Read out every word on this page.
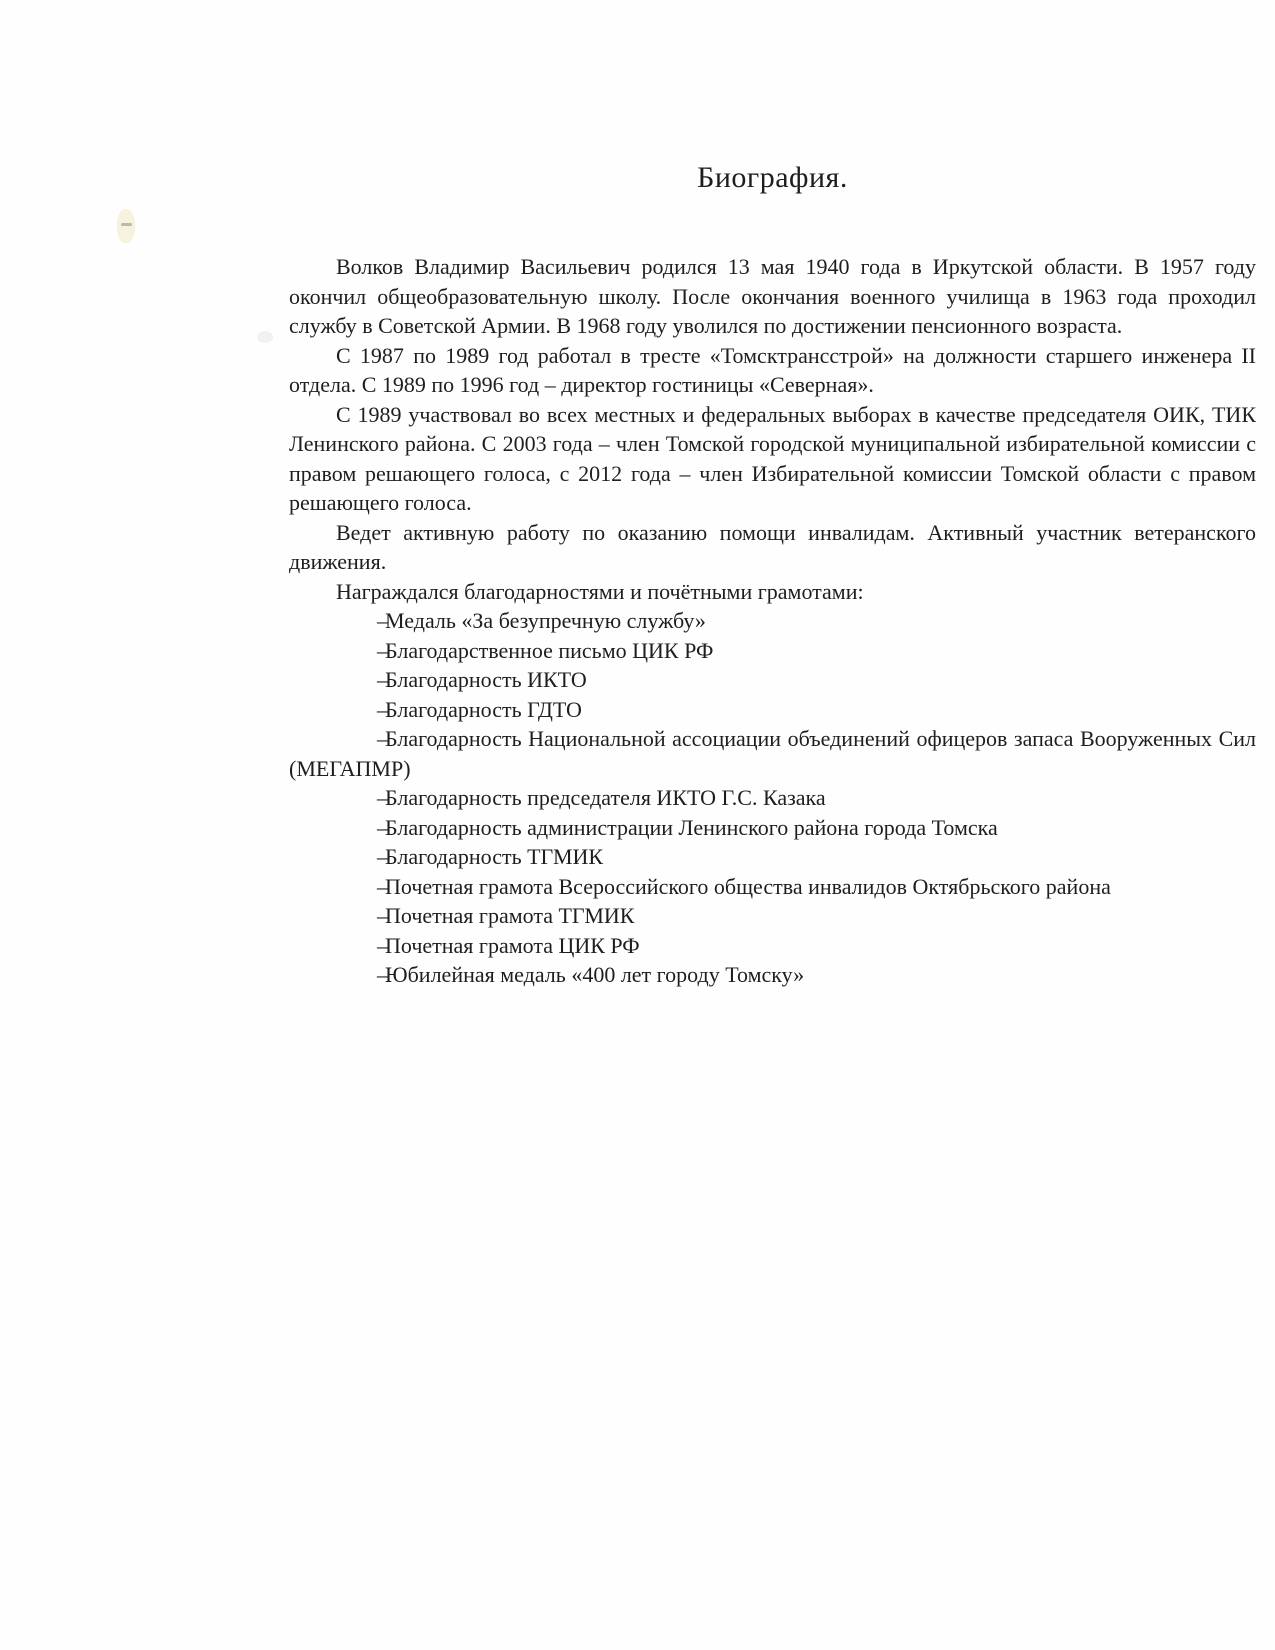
Биография.

Волков Владимир Васильевич родился 13 мая 1940 года в Иркутской области. В 1957 году окончил общеобразовательную школу. После окончания военного училища в 1963 года проходил службу в Советской Армии. В 1968 году уволился по достижении пенсионного возраста.

С 1987 по 1989 год работал в тресте «Томсктрансстрой» на должности старшего инженера II отдела. С 1989 по 1996 год – директор гостиницы «Северная».

С 1989 участвовал во всех местных и федеральных выборах в качестве председателя ОИК, ТИК Ленинского района. С 2003 года – член Томской городской муниципальной избирательной комиссии с правом решающего голоса, с 2012 года – член Избирательной комиссии Томской области с правом решающего голоса.

Ведет активную работу по оказанию помощи инвалидам. Активный участник ветеранского движения.

Награждался благодарностями и почётными грамотами:

–Медаль «За безупречную службу»

–Благодарственное письмо ЦИК РФ

–Благодарность ИКТО

–Благодарность ГДТО

–Благодарность Национальной ассоциации объединений офицеров запаса Вооруженных Сил (МЕГАПМР)

–Благодарность председателя ИКТО Г.С. Казака

–Благодарность администрации Ленинского района города Томска

–Благодарность ТГМИК

–Почетная грамота Всероссийского общества инвалидов Октябрьского района

–Почетная грамота ТГМИК

–Почетная грамота ЦИК РФ

–Юбилейная медаль «400 лет городу Томску»
